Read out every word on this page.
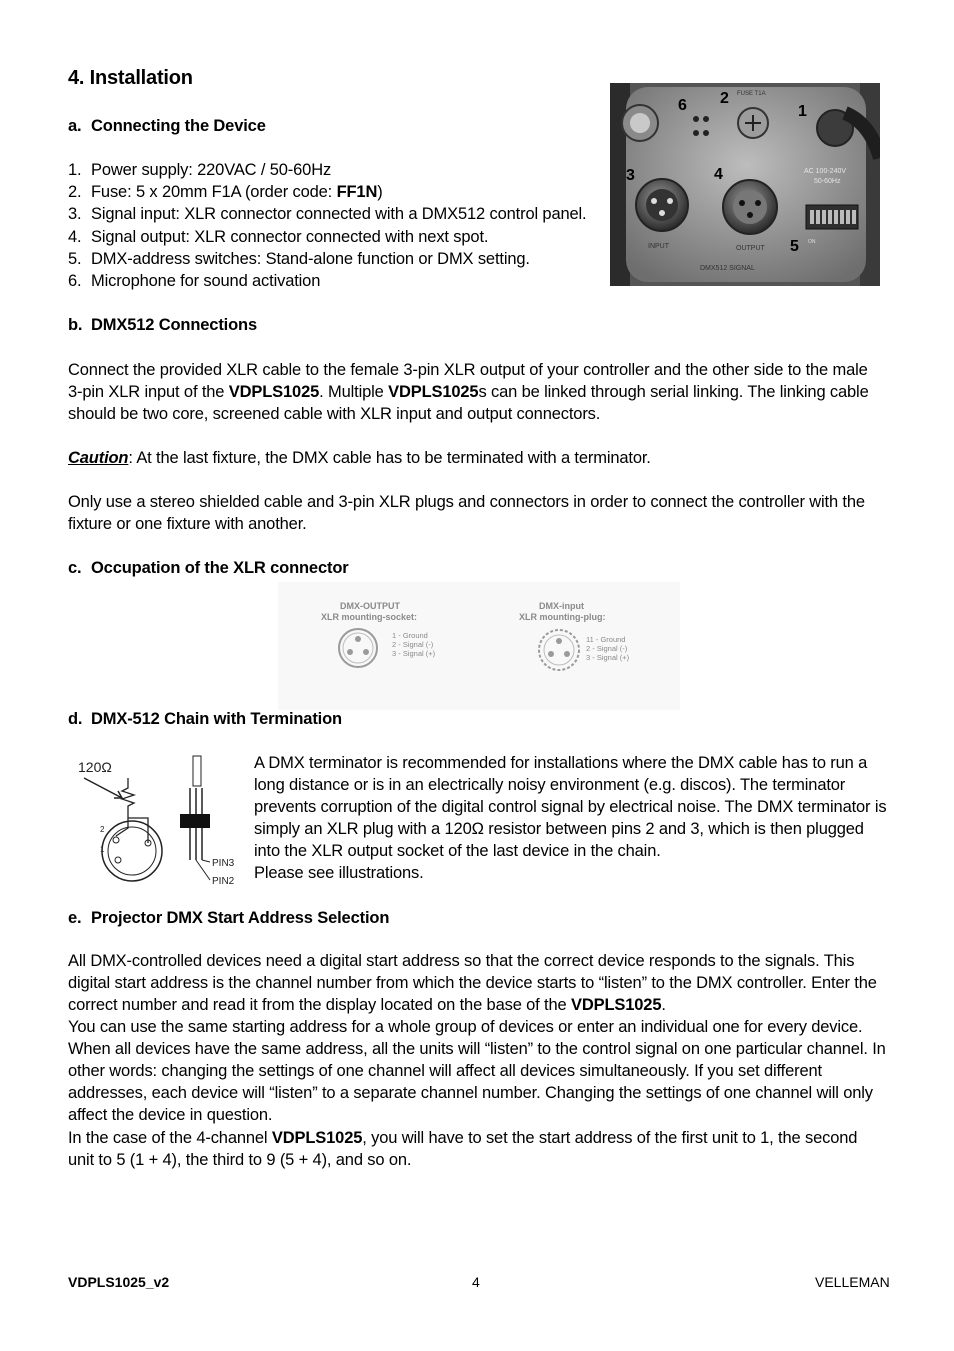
4. Installation

a. Connecting the Device

1. Power supply: 220VAC / 50-60Hz
2. Fuse: 5 x 20mm F1A (order code: FF1N)
3. Signal input: XLR connector connected with a DMX512 control panel.
4. Signal output: XLR connector connected with next spot.
5. DMX-address switches: Stand-alone function or DMX setting.
6. Microphone for sound activation
ON
6 2
1
3	4
5
FUSE T1A
AC 100-240V
50-60Hz
INPUT	OUTPUT
DMX512 SIGNAL

b. DMX512 Connections

Connect the provided XLR cable to the female 3-pin XLR output of your controller and the other side to the male 3-pin XLR input of the VDPLS1025. Multiple VDPLS1025s can be linked through serial linking. The linking cable should be two core, screened cable with XLR input and output connectors.

Caution: At the last fixture, the DMX cable has to be terminated with a terminator.

Only use a stereo shielded cable and 3-pin XLR plugs and connectors in order to connect the controller with the fixture or one fixture with another.

c. Occupation of the XLR connector

DMX-OUTPUT
XLR mounting-socket:
DMX-input
XLR mounting-plug:
1 - Ground
2 - Signal (-)
3 - Signal (+)
11 - Ground
2 - Signal (-)
3 - Signal (+)

d. DMX-512 Chain with Termination

120Ω
PIN3
PIN2
2
1

A DMX terminator is recommended for installations where the DMX cable has to run a long distance or is in an electrically noisy environment (e.g. discos). The terminator prevents corruption of the digital control signal by electrical noise. The DMX terminator is simply an XLR plug with a 120Ω resistor between pins 2 and 3, which is then plugged into the XLR output socket of the last device in the chain.
Please see illustrations.

e. Projector DMX Start Address Selection

All DMX-controlled devices need a digital start address so that the correct device responds to the signals. This digital start address is the channel number from which the device starts to “listen” to the DMX controller. Enter the correct number and read it from the display located on the base of the VDPLS1025.

You can use the same starting address for a whole group of devices or enter an individual one for every device. When all devices have the same address, all the units will “listen” to the control signal on one particular channel. In other words: changing the settings of one channel will affect all devices simultaneously. If you set different addresses, each device will “listen” to a separate channel number. Changing the settings of one channel will only affect the device in question.

In the case of the 4-channel VDPLS1025, you will have to set the start address of the first unit to 1, the second unit to 5 (1 + 4), the third to 9 (5 + 4), and so on.

VDPLS1025_v2	4	VELLEMAN
